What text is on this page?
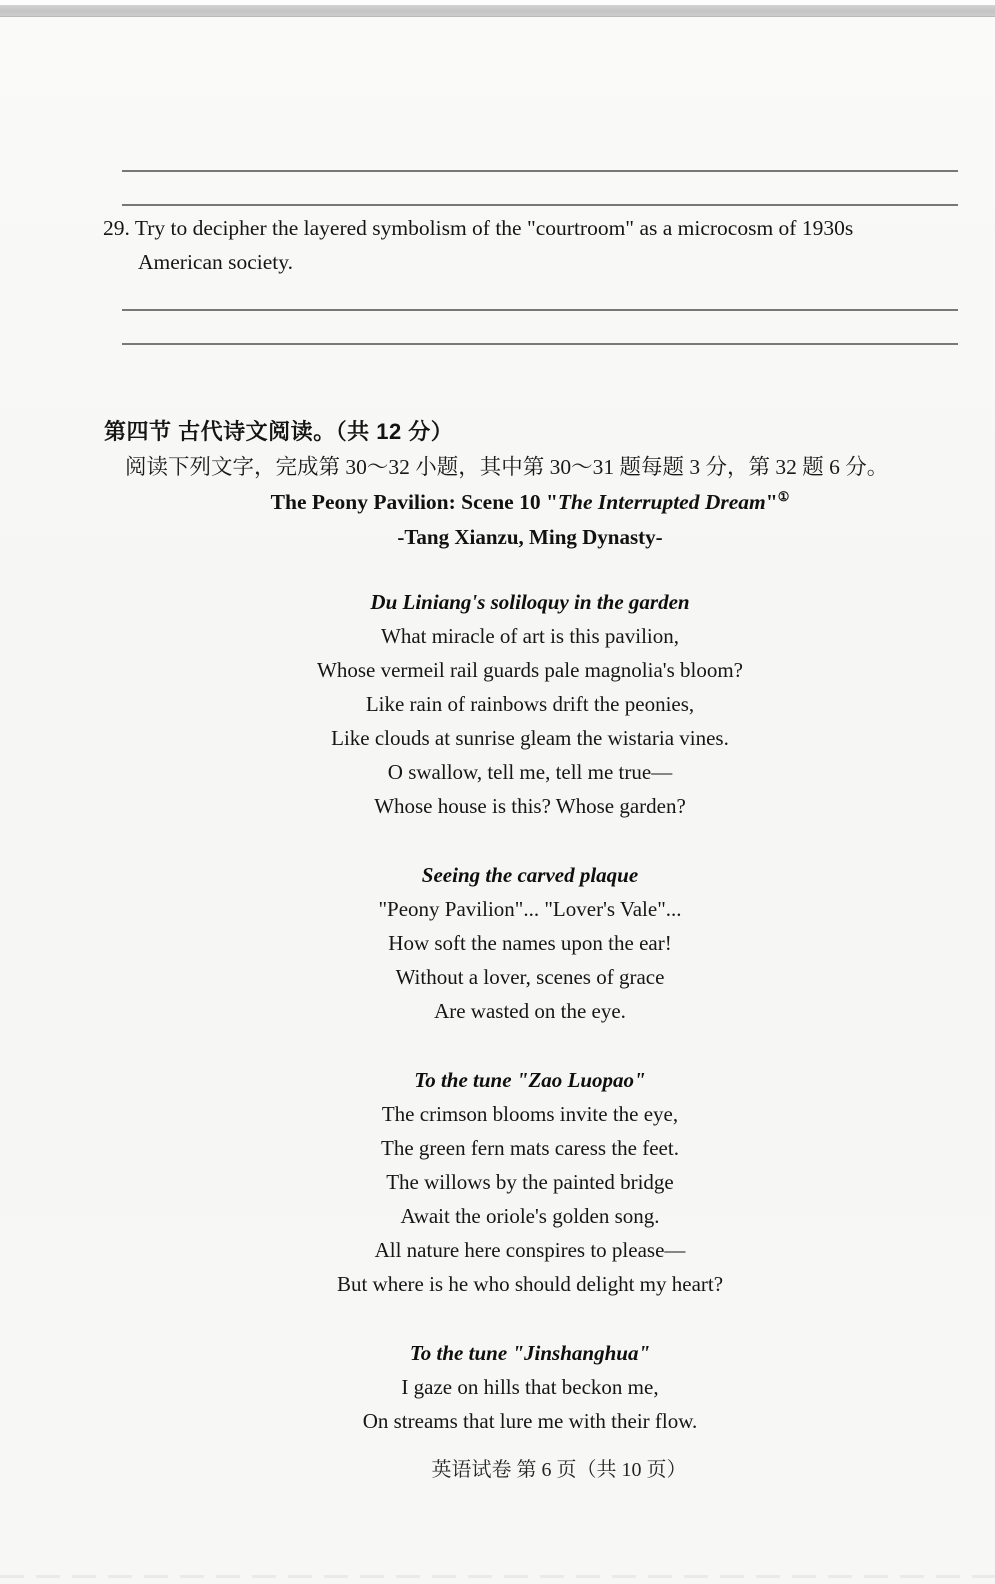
29. Try to decipher the layered symbolism of the "courtroom" as a microcosm of 1930s
American society.
第四节 古代诗文阅读。（共 12 分）
阅读下列文字，完成第 30～32 小题，其中第 30～31 题每题 3 分，第 32 题 6 分。
The Peony Pavilion: Scene 10 "The Interrupted Dream"①
-Tang Xianzu, Ming Dynasty-
Du Liniang's soliloquy in the garden
What miracle of art is this pavilion,
Whose vermeil rail guards pale magnolia's bloom?
Like rain of rainbows drift the peonies,
Like clouds at sunrise gleam the wistaria vines.
O swallow, tell me, tell me true—
Whose house is this? Whose garden?
Seeing the carved plaque
"Peony Pavilion"... "Lover's Vale"...
How soft the names upon the ear!
Without a lover, scenes of grace
Are wasted on the eye.
To the tune "Zao Luopao"
The crimson blooms invite the eye,
The green fern mats caress the feet.
The willows by the painted bridge
Await the oriole's golden song.
All nature here conspires to please—
But where is he who should delight my heart?
To the tune "Jinshanghua"
I gaze on hills that beckon me,
On streams that lure me with their flow.
英语试卷 第 6 页（共 10 页）
